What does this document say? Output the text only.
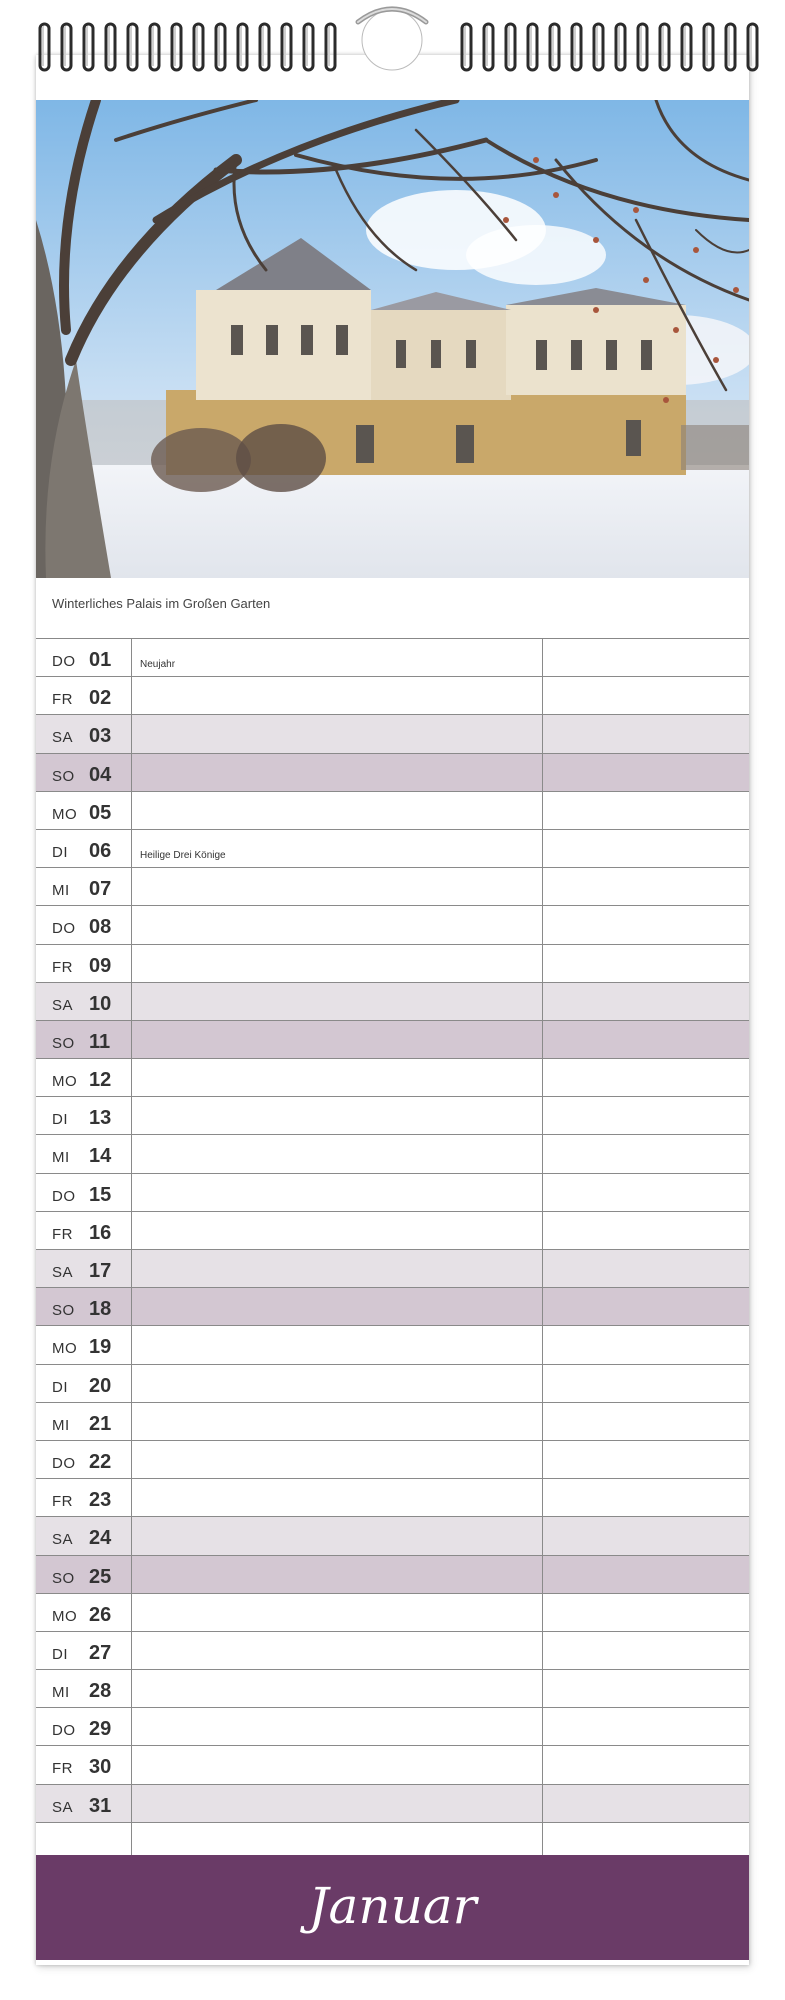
Winterliches Palais im Großen Garten
DO 01	Neujahr
FR 02
SA 03
SO 04
MO 05
DI 06	Heilige Drei Könige
MI 07
DO 08
FR 09
SA 10
SO 11
MO 12
DI 13
MI 14
DO 15
FR 16
SA 17
SO 18
MO 19
DI 20
MI 21
DO 22
FR 23
SA 24
SO 25
MO 26
DI 27
MI 28
DO 29
FR 30
SA 31
Januar
